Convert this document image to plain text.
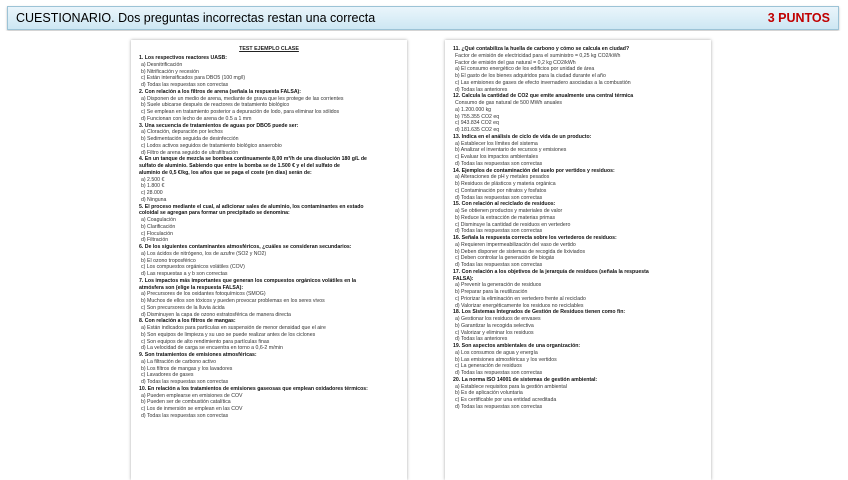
CUESTIONARIO. Dos preguntas incorrectas restan una correcta	3 PUNTOS
TEST EJEMPLO CLASE
1. Los respectivos reactores UASB:
a) Desnitrificación
b) Nitrificación y recesión
c) Están intensificados para DBO5 (100 mg/l)
d) Todas las respuestas son correctas
2. Con relación a los filtros de arena (señala la respuesta FALSA):
a) Disponen de un medio de arena, mediante de grava que les protege de las corrientes
b) Suele ubicarse después de reactores de tratamiento biológico
c) Se emplean en tratamiento posterior a depuración de lodo, para eliminar los sólidos
d) Funcionan con lecho de arena de 0.5 a 1 mm
3. Una secuencia de tratamientos de aguas por DBO5 puede ser:
a) Cloración, depuración por lechos
b) Sedimentación seguida de desinfección
c) Lodos activos seguidos de tratamiento biológico anaerobio
d) Filtro de arena seguido de ultrafiltración
4. En un tanque de mezcla se bombea continuamente 8,00 m³/h de una disolución 180 g/L de
sulfato de aluminio. Sabiendo que entre la bomba se de 1.500 € y el del sulfato de
aluminio de 0,5 €/kg, los años que se paga el coste (en días) serán de:
a) 2.500 €
b) 1.800 €
c) 28.000
d) Ninguna
5. El proceso mediante el cual, al adicionar sales de aluminio, los contaminantes en estado
coloidal se agregan para formar un precipitado se denomina:
a) Coagulación
b) Clarificación
c) Floculación
d) Filtración
6. De los siguientes contaminantes atmosféricos, ¿cuáles se consideran secundarios:
a) Los ácidos de nitrógeno, los de azufre (SO2 y NO2)
b) El ozono troposférico
c) Los compuestos orgánicos volátiles (COV)
d) Las respuestas a y b son correctas
7. Los impactos más importantes que generan los compuestos orgánicos volátiles en la
atmósfera son (elige la respuesta FALSA):
a) Precursores de los oxidantes fotoquímicos (SMOG)
b) Muchos de ellos son tóxicos y pueden provocar problemas en los seres vivos
c) Son precursores de la lluvia ácida
d) Disminuyen la capa de ozono estratosférica de manera directa
8. Con relación a los filtros de mangas:
a) Están indicados para partículas en suspensión de menor densidad que el aire
b) Son equipos de limpieza y su uso se puede realizar antes de los ciclones
c) Son equipos de alto rendimiento para partículas finas
d) La velocidad de carga se encuentra en torno a 0,6-2 m/min
9. Son tratamientos de emisiones atmosféricas:
a) La filtración de carbono activo
b) Los filtros de mangas y los lavadores
c) Lavadores de gases
d) Todas las respuestas son correctas
10. En relación a los tratamientos de emisiones gaseosas que emplean oxidadores térmicos:
a) Pueden emplearse en emisiones de COV
b) Pueden ser de combustión catalítica
c) Los de inmersión se emplean en las COV
d) Todas las respuestas son correctas
11. ¿Qué contabiliza la huella de carbono y cómo se calcula en ciudad?
Factor de emisión de electricidad para el suministro = 0,25 kg CO2/kWh
Factor de emisión del gas natural = 0,2 kg CO2/kWh
a) El consumo energético de los edificios por unidad de área
b) El gasto de los bienes adquiridos para la ciudad durante el año
c) Las emisiones de gases de efecto invernadero asociadas a la combustión
d) Todas las anteriores
12. Calcula la cantidad de CO2 que emite anualmente una central térmica
Consumo de gas natural de 500 MWh anuales
a) 1.200.000 kg
b) 755.355 CO2 eq
c) 943.834 CO2 eq
d) 181.635 CO2 eq
13. Indica en el análisis de ciclo de vida de un producto:
a) Establecer los límites del sistema
b) Analizar el inventario de recursos y emisiones
c) Evaluar los impactos ambientales
d) Todas las respuestas son correctas
14. Ejemplos de contaminación del suelo por vertidos y residuos:
a) Alteraciones de pH y metales pesados
b) Residuos de plásticos y materia orgánica
c) Contaminación por nitratos y fosfatos
d) Todas las respuestas son correctas
15. Con relación al reciclado de residuos:
a) Se obtienen productos y materiales de valor
b) Reduce la extracción de materias primas
c) Disminuye la cantidad de residuos en vertedero
d) Todas las respuestas son correctas
16. Señala la respuesta correcta sobre los vertederos de residuos:
a) Requieren impermeabilización del vaso de vertido
b) Deben disponer de sistemas de recogida de lixiviados
c) Deben controlar la generación de biogás
d) Todas las respuestas son correctas
17. Con relación a los objetivos de la jerarquía de residuos (señala la respuesta
FALSA):
a) Prevenir la generación de residuos
b) Preparar para la reutilización
c) Priorizar la eliminación en vertedero frente al reciclado
d) Valorizar energéticamente los residuos no reciclables
18. Los Sistemas Integrados de Gestión de Residuos tienen como fin:
a) Gestionar los residuos de envases
b) Garantizar la recogida selectiva
c) Valorizar y eliminar los residuos
d) Todas las anteriores
19. Son aspectos ambientales de una organización:
a) Los consumos de agua y energía
b) Las emisiones atmosféricas y los vertidos
c) La generación de residuos
d) Todas las respuestas son correctas
20. La norma ISO 14001 de sistemas de gestión ambiental:
a) Establece requisitos para la gestión ambiental
b) Es de aplicación voluntaria
c) Es certificable por una entidad acreditada
d) Todas las respuestas son correctas
